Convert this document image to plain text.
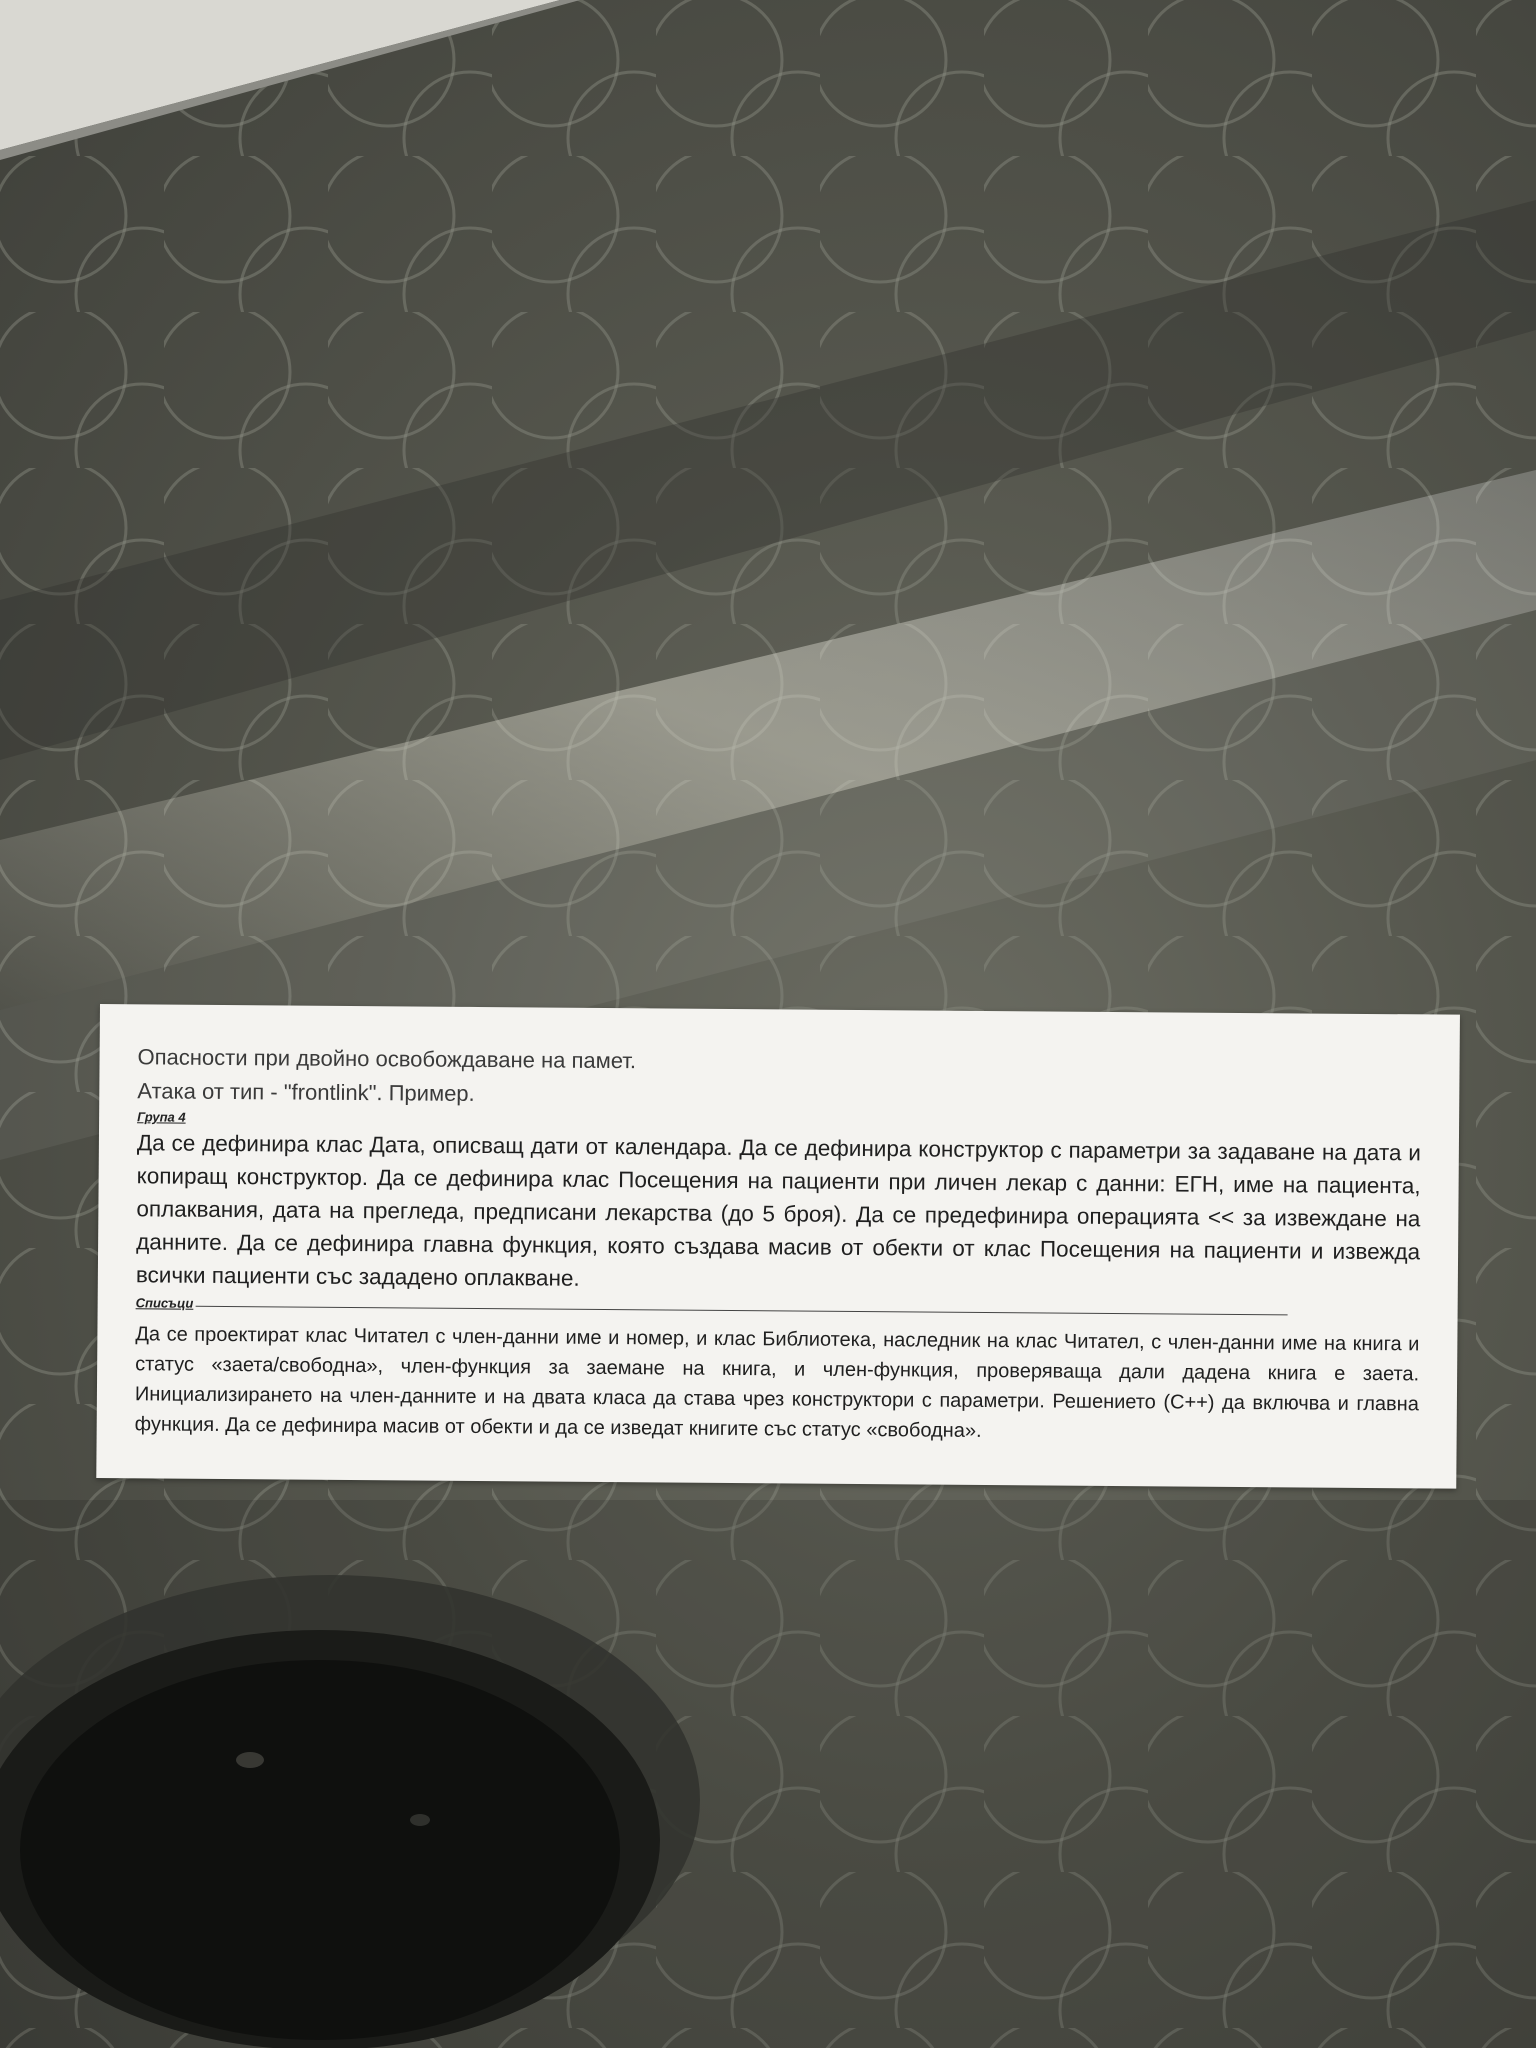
Опасности при двойно освобождаване на памет.
Атака от тип - "frontlink". Пример.
Група 4

Да се дефинира клас Дата, описващ дати от календара. Да се дефинира конструктор с параметри за задаване на дата и копиращ конструктор. Да се дефинира клас Посещения на пациенти при личен лекар с данни: ЕГН, име на пациента, оплаквания, дата на прегледа, предписани лекарства (до 5 броя). Да се предефинира операцията << за извеждане на данните. Да се дефинира главна функция, която създава масив от обекти от клас Посещения на пациенти и извежда всички пациенти със зададено оплакване.

Списъци

Да се проектират клас Читател с член-данни име и номер, и клас Библиотека, наследник на клас Читател, с член-данни име на книга и статус «заета/свободна», член-функция за заемане на книга, и член-функция, проверяваща дали дадена книга е заета. Инициализирането на член-данните и на двата класа да става чрез конструктори с параметри. Решението (C++) да включва и главна функция. Да се дефинира масив от обекти и да се изведат книгите със статус «свободна».
